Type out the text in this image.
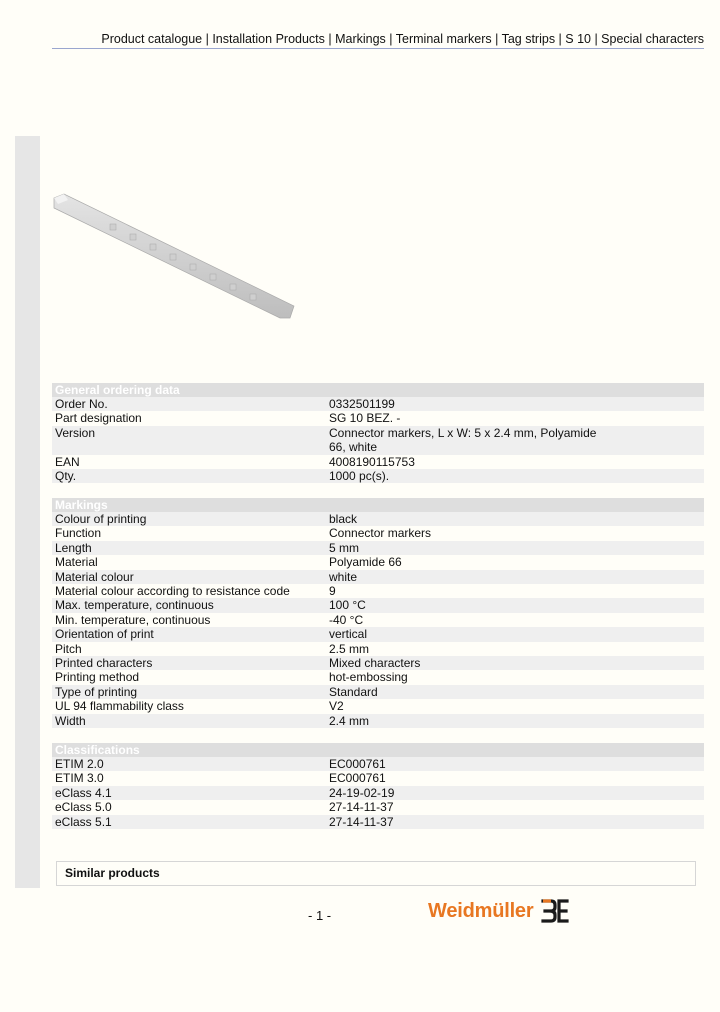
Product catalogue | Installation Products | Markings | Terminal markers | Tag strips | S 10 | Special characters
General ordering data
Order No.	0332501199
Part designation	SG 10 BEZ. -
Version	Connector markers, L x W: 5 x 2.4 mm, Polyamide 66, white
EAN	4008190115753
Qty.	1000 pc(s).
Markings
Colour of printing	black
Function	Connector markers
Length	5 mm
Material	Polyamide 66
Material colour	white
Material colour according to resistance code	9
Max. temperature, continuous	100 °C
Min. temperature, continuous	-40 °C
Orientation of print	vertical
Pitch	2.5 mm
Printed characters	Mixed characters
Printing method	hot-embossing
Type of printing	Standard
UL 94 flammability class	V2
Width	2.4 mm
Classifications
ETIM 2.0	EC000761
ETIM 3.0	EC000761
eClass 4.1	24-19-02-19
eClass 5.0	27-14-11-37
eClass 5.1	27-14-11-37
Similar products
- 1 -	Weidmüller
